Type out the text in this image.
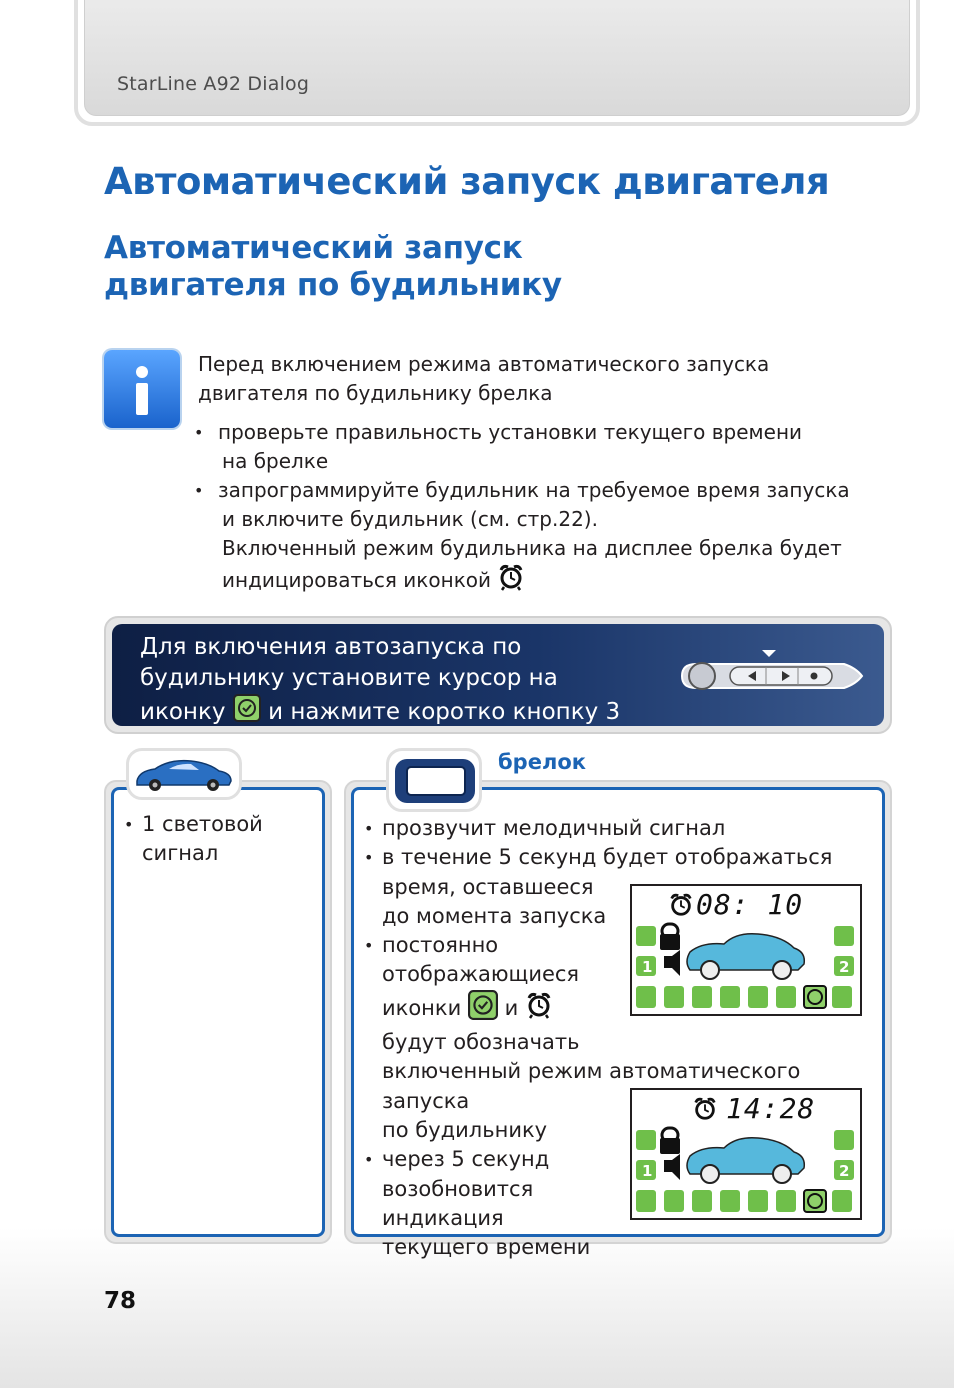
StarLine A92 Dialog
Автоматический запуск двигателя
Автоматический запуск
двигателя по будильнику
Перед включением режима автоматического запуска
двигателя по будильнику брелка
• проверьте правильность установки текущего времени
на брелке
• запрограммируйте будильник на требуемое время запуска
и включите будильник (см. стр.22).
Включенный режим будильника на дисплее брелка будет
индицироваться иконкой
Для включения автозапуска по
будильнику установите курсор на
иконку и нажмите коротко кнопку 3
• 1 световой
сигнал
брелок
• прозвучит мелодичный сигнал
• в течение 5 секунд будет отображаться
время, оставшееся
до момента запуска
• постоянно
отображающиеся
иконки и
будут обозначать
включенный режим автоматического запуска
по будильнику
• через 5 секунд
возобновится
индикация
текущего времени
08: 10
1	2
14:28
1	2
78
